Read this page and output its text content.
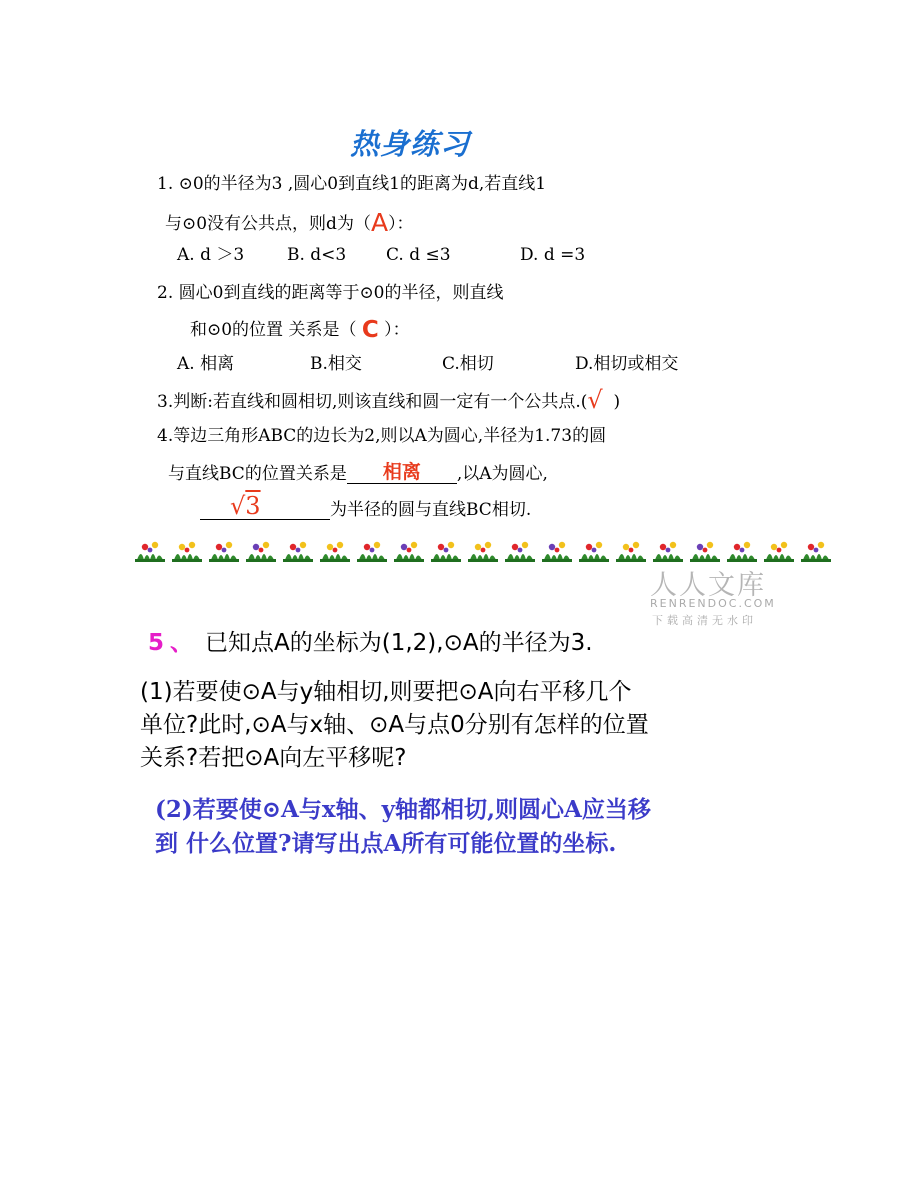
热身练习
1. ⊙0的半径为3 ,圆心0到直线1的距离为d,若直线1
与⊙0没有公共点，则d为（A）：
A. d ＞3	B. d<3 C. d ≤3	D. d =3
2. 圆心0到直线的距离等于⊙0的半径，则直线
和⊙0的位置 关系是（ C ）：
A. 相离	B.相交	C.相切	D.相切或相交
3.判断:若直线和圆相切,则该直线和圆一定有一个公共点.(√ )
4.等边三角形ABC的边长为2,则以A为圆心,半径为1.73的圆
与直线BC的位置关系是 相离 ,以A为圆心,
√3	为半径的圆与直线BC相切.
人人文库
RENRENDOC.COM
下载高清无水印
5 、 已知点A的坐标为(1,2),⊙A的半径为3.
(1)若要使⊙A与y轴相切,则要把⊙A向右平移几个
单位?此时,⊙A与x轴、⊙A与点0分别有怎样的位置
关系?若把⊙A向左平移呢?
(2)若要使⊙A与x轴、y轴都相切,则圆心A应当移
到 什么位置?请写出点A所有可能位置的坐标.
